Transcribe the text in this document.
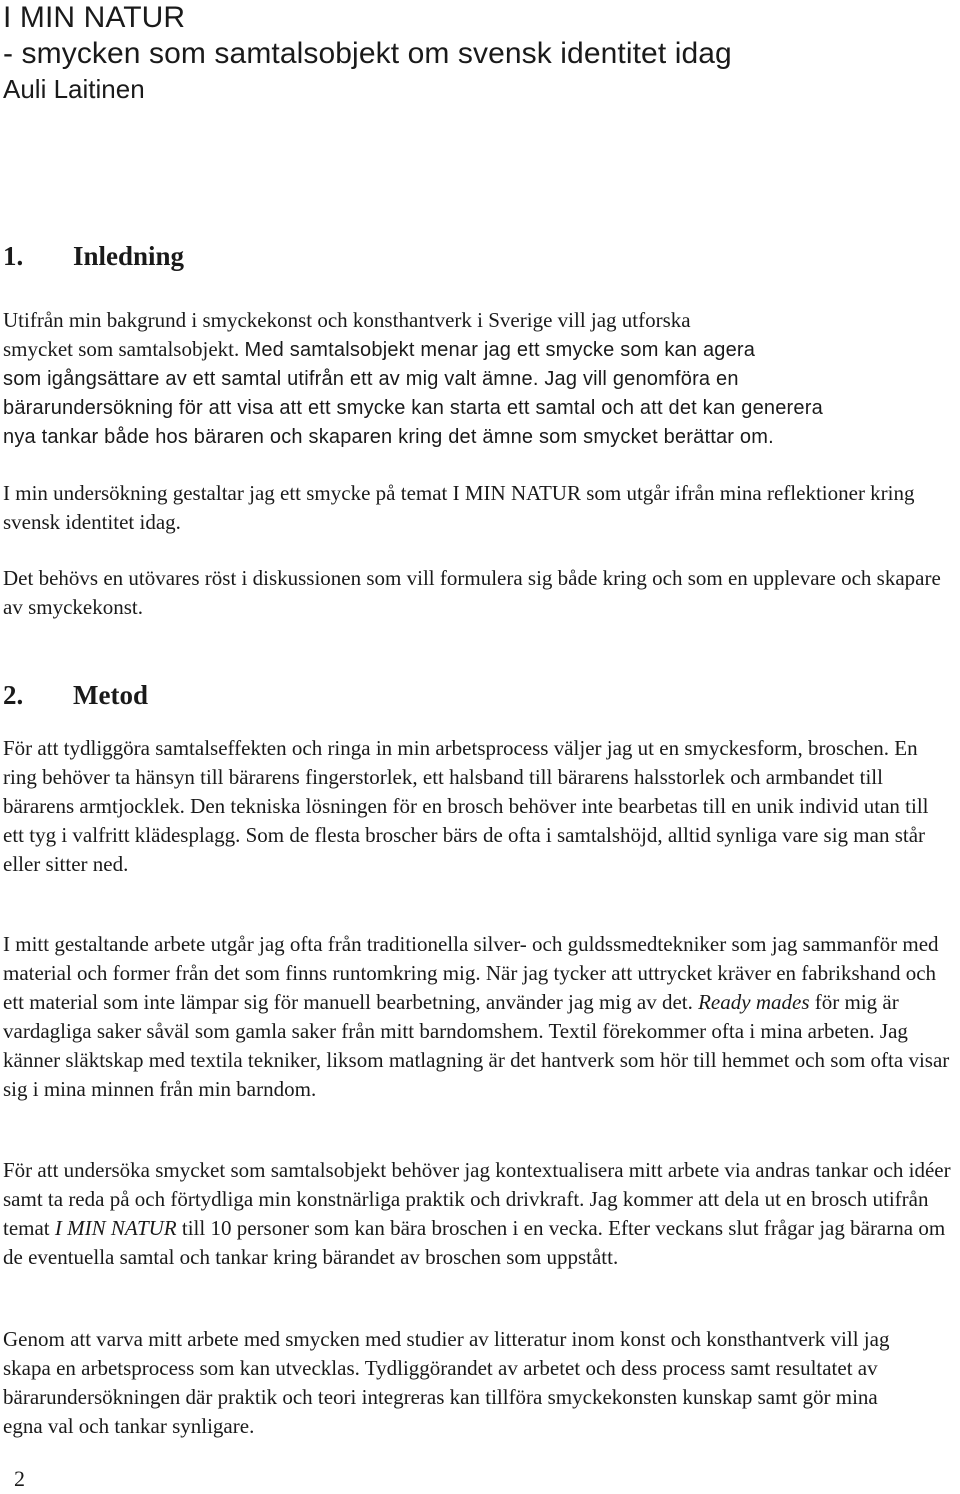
I MIN NATUR
- smycken som samtalsobjekt om svensk identitet idag
Auli Laitinen
1. Inledning
Utifrån min bakgrund i smyckekonst och konsthantverk i Sverige vill jag utforska
smycket som samtalsobjekt. Med samtalsobjekt menar jag ett smycke som kan agera
som igångsättare av ett samtal utifrån ett av mig valt ämne. Jag vill genomföra en
bärarundersökning för att visa att ett smycke kan starta ett samtal och att det kan generera
nya tankar både hos bäraren och skaparen kring det ämne som smycket berättar om.

I min undersökning gestaltar jag ett smycke på temat I MIN NATUR som utgår ifrån mina reflektioner kring svensk identitet idag.

Det behövs en utövares röst i diskussionen som vill formulera sig både kring och som en upplevare och skapare av smyckekonst.

2. Metod

För att tydliggöra samtalseffekten och ringa in min arbetsprocess väljer jag ut en smyckesform, broschen. En ring behöver ta hänsyn till bärarens fingerstorlek, ett halsband till bärarens halsstorlek och armbandet till bärarens armtjocklek. Den tekniska lösningen för en brosch behöver inte bearbetas till en unik individ utan till ett tyg i valfritt klädesplagg. Som de flesta broscher bärs de ofta i samtalshöjd, alltid synliga vare sig man står eller sitter ned.

I mitt gestaltande arbete utgår jag ofta från traditionella silver- och guldssmedtekniker som jag sammanför med material och former från det som finns runtomkring mig. När jag tycker att uttrycket kräver en fabrikshand och ett material som inte lämpar sig för manuell bearbetning, använder jag mig av det. Ready mades för mig är vardagliga saker såväl som gamla saker från mitt barndomshem. Textil förekommer ofta i mina arbeten. Jag känner släktskap med textila tekniker, liksom matlagning är det hantverk som hör till hemmet och som ofta visar sig i mina minnen från min barndom.

För att undersöka smycket som samtalsobjekt behöver jag kontextualisera mitt arbete via andras tankar och idéer samt ta reda på och förtydliga min konstnärliga praktik och drivkraft. Jag kommer att dela ut en brosch utifrån temat I MIN NATUR till 10 personer som kan bära broschen i en vecka. Efter veckans slut frågar jag bärarna om de eventuella samtal och tankar kring bärandet av broschen som uppstått.

Genom att varva mitt arbete med smycken med studier av litteratur inom konst och konsthantverk vill jag skapa en arbetsprocess som kan utvecklas. Tydliggörandet av arbetet och dess process samt resultatet av bärarundersökningen där praktik och teori integreras kan tillföra smyckekonsten kunskap samt gör mina egna val och tankar synligare.

2
